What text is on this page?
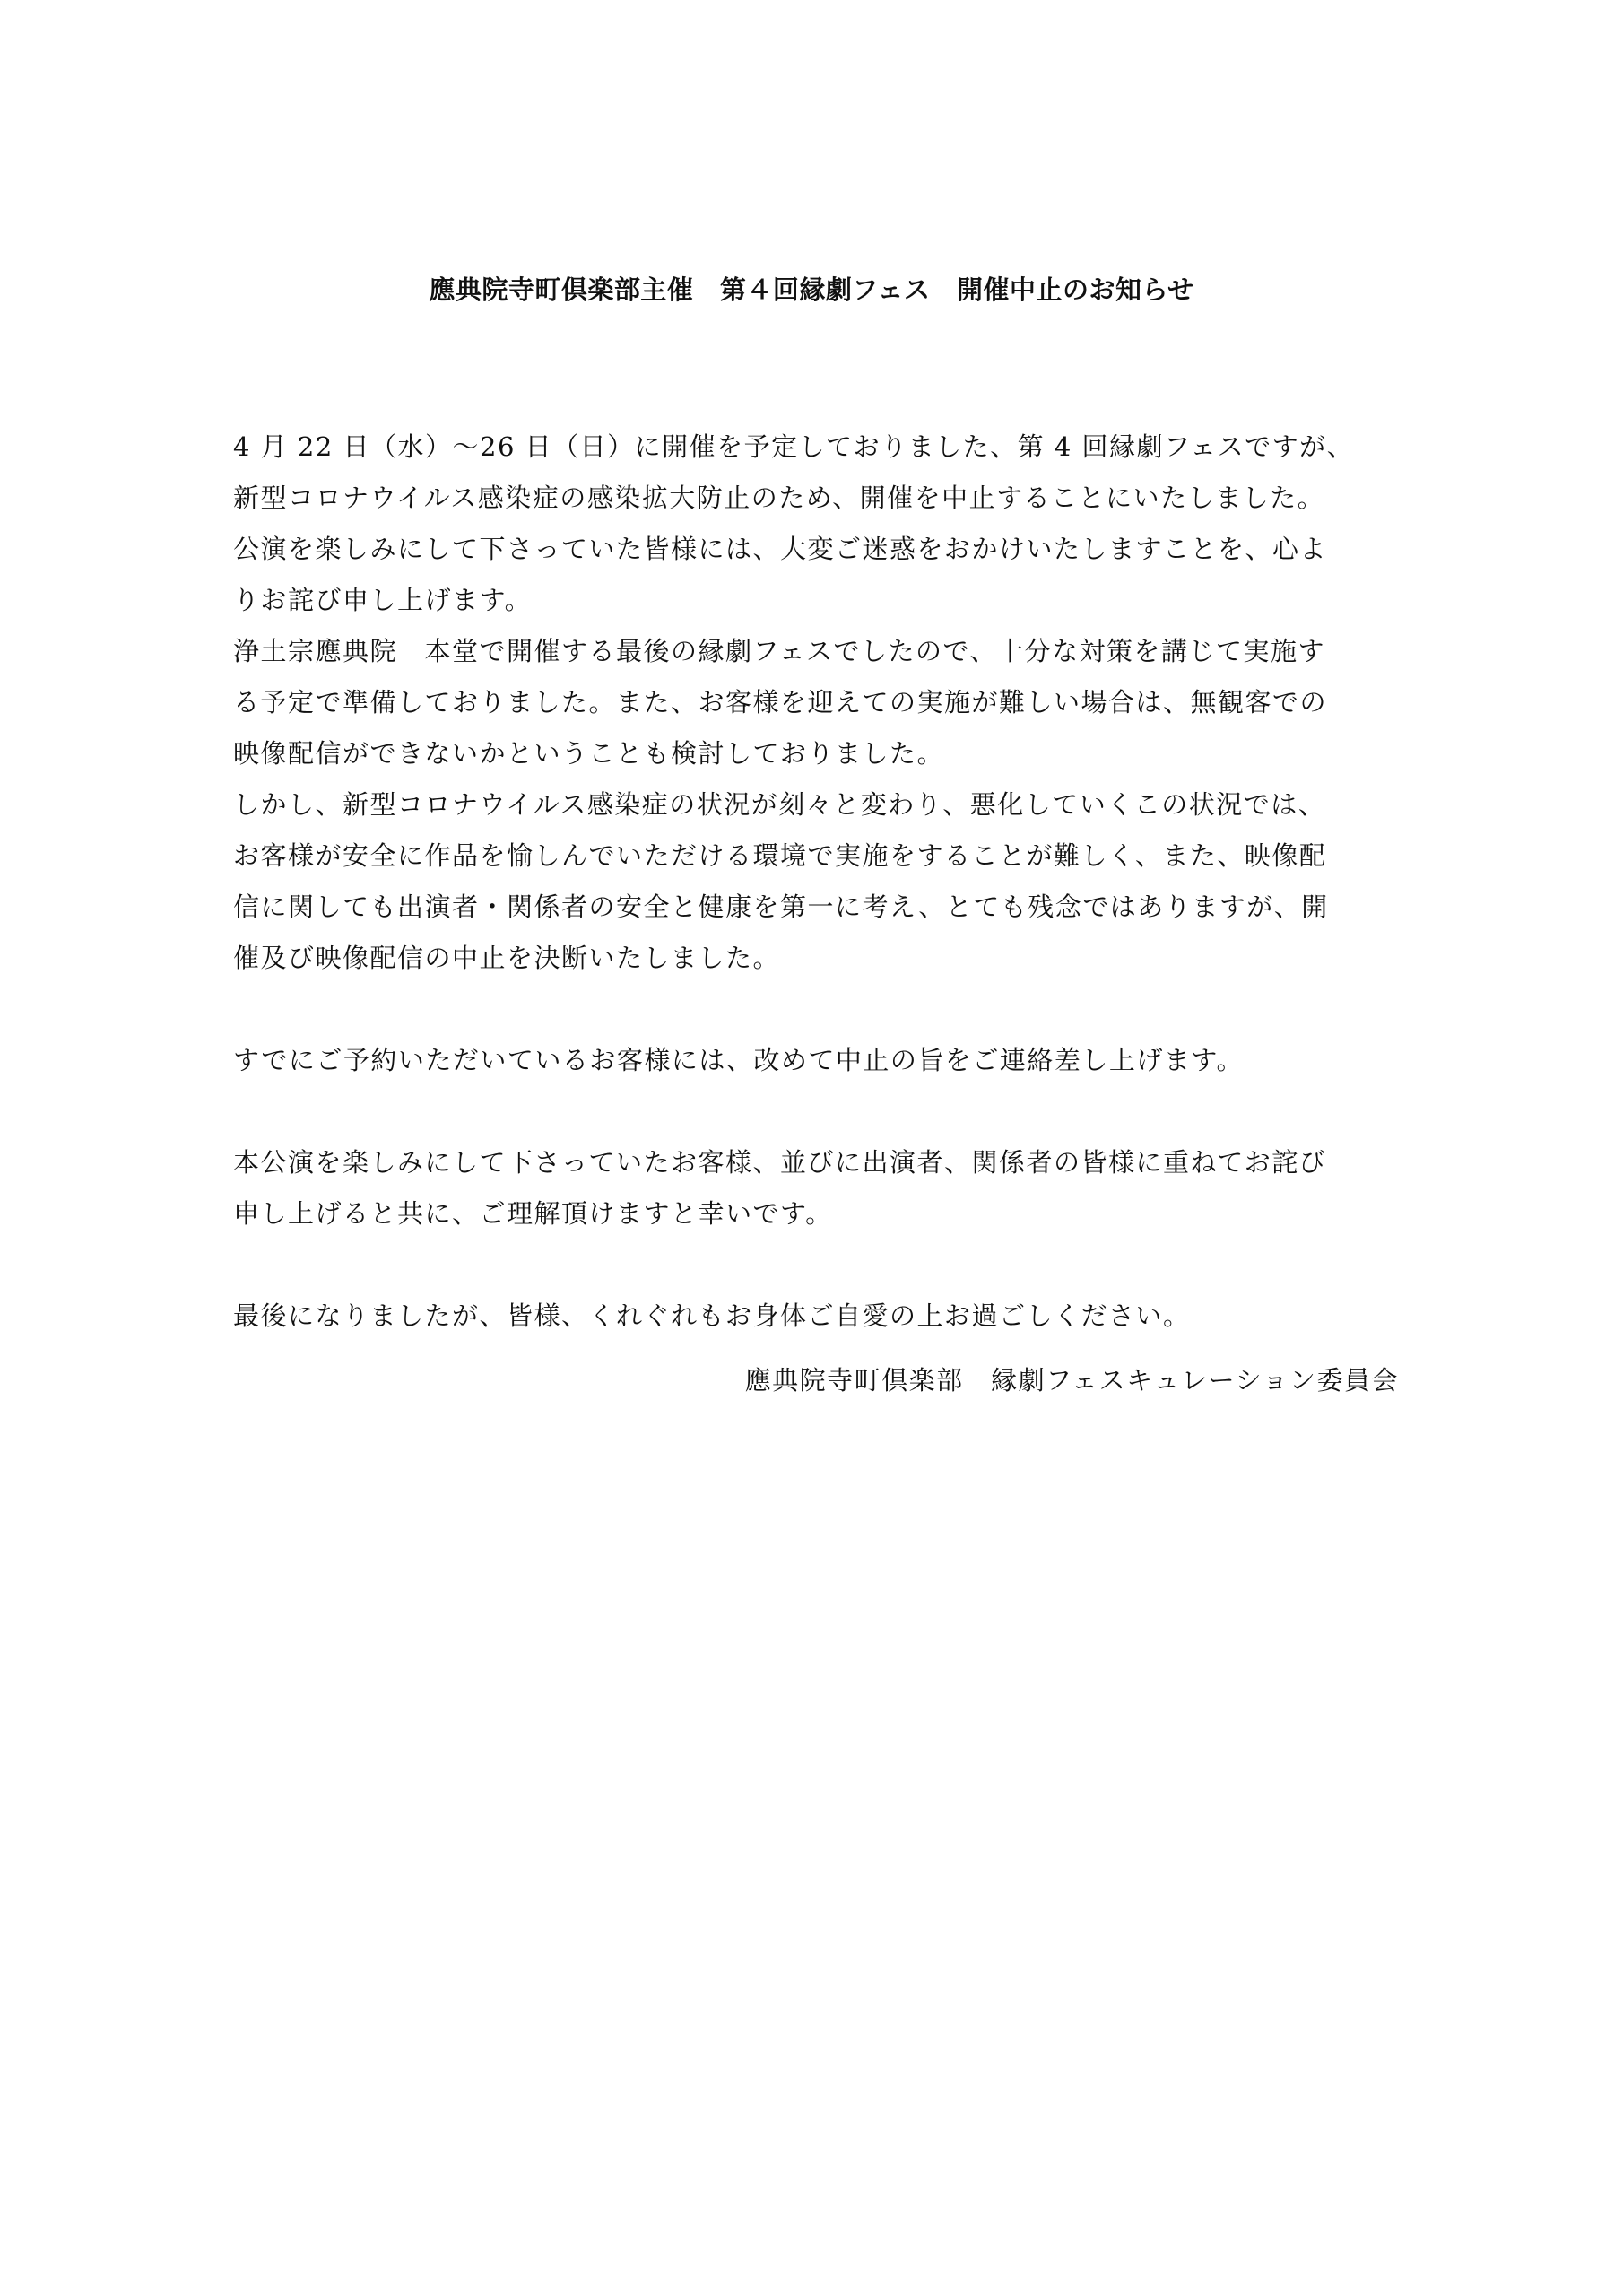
應典院寺町倶楽部主催　第４回縁劇フェス　開催中止のお知らせ
4 月 22 日（水）～26 日（日）に開催を予定しておりました、第 4 回縁劇フェスですが、
新型コロナウイルス感染症の感染拡大防止のため、開催を中止することにいたしました。
公演を楽しみにして下さっていた皆様には、大変ご迷惑をおかけいたしますことを、心よ
りお詫び申し上げます。
浄土宗應典院　本堂で開催する最後の縁劇フェスでしたので、十分な対策を講じて実施す
る予定で準備しておりました。また、お客様を迎えての実施が難しい場合は、無観客での
映像配信ができないかということも検討しておりました。
しかし、新型コロナウイルス感染症の状況が刻々と変わり、悪化していくこの状況では、
お客様が安全に作品を愉しんでいただける環境で実施をすることが難しく、また、映像配
信に関しても出演者・関係者の安全と健康を第一に考え、とても残念ではありますが、開
催及び映像配信の中止を決断いたしました。
すでにご予約いただいているお客様には、改めて中止の旨をご連絡差し上げます。
本公演を楽しみにして下さっていたお客様、並びに出演者、関係者の皆様に重ねてお詫び
申し上げると共に、ご理解頂けますと幸いです。
最後になりましたが、皆様、くれぐれもお身体ご自愛の上お過ごしください。
應典院寺町倶楽部　縁劇フェスキュレーション委員会
